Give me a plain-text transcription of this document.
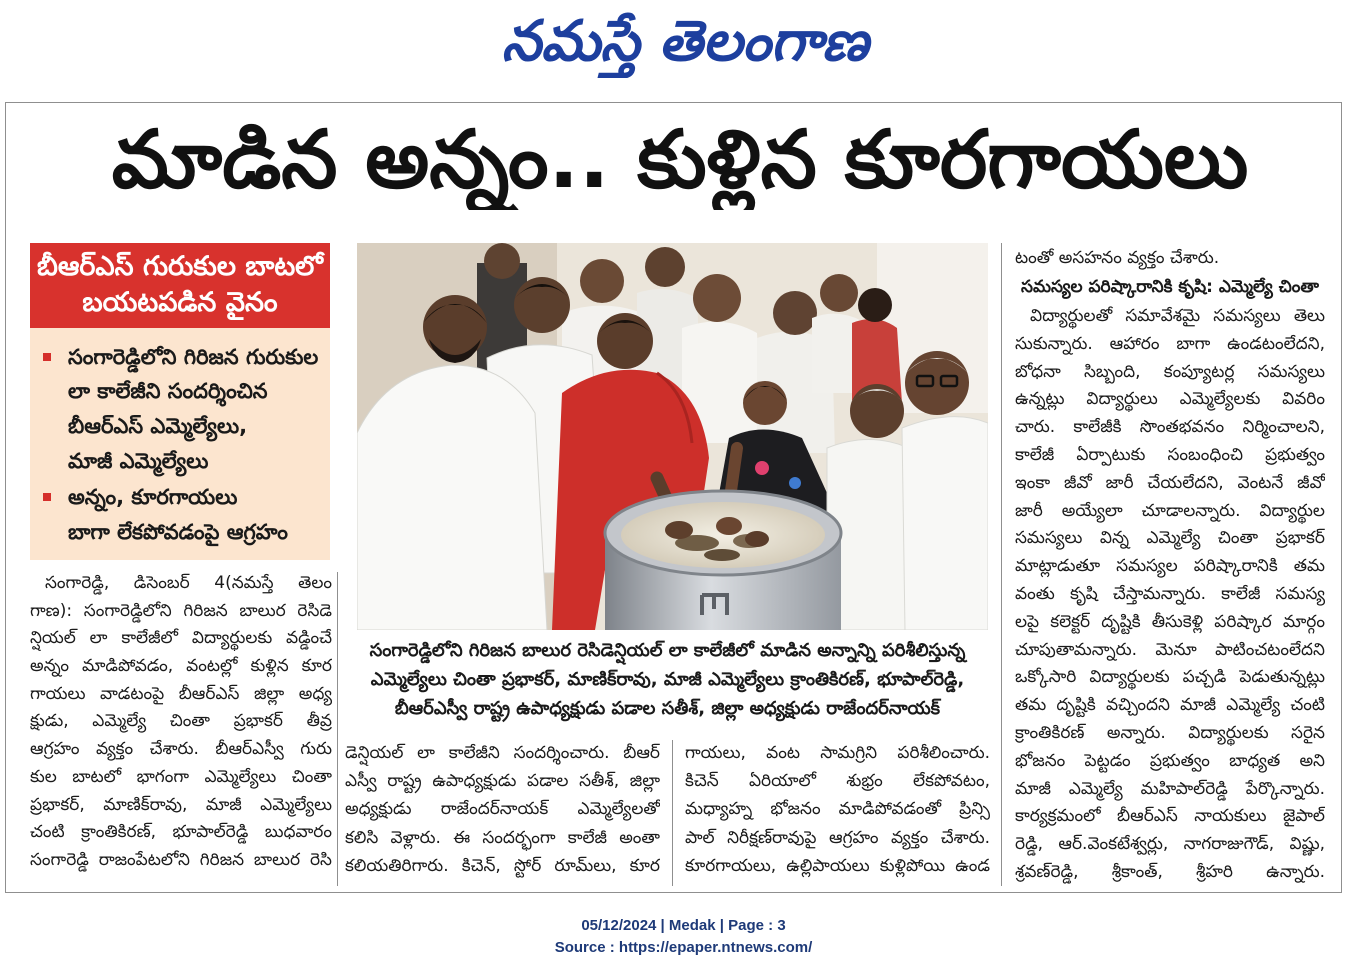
నమస్తే తెలంగాణ
మాడిన అన్నం.. కుళ్లిన కూరగాయలు
బీఆర్ఎస్ గురుకుల బాటలో
బయటపడిన వైనం
సంగారెడ్డిలోని గిరిజన గురుకుల
లా కాలేజీని సందర్శించిన
బీఆర్ఎస్ ఎమ్మెల్యేలు,
మాజీ ఎమ్మెల్యేలు
అన్నం, కూరగాయలు
బాగా లేకపోవడంపై ఆగ్రహం
సంగారెడ్డిలోని గిరిజన బాలుర రెసిడెన్షియల్ లా కాలేజీలో మాడిన అన్నాన్ని పరిశీలిస్తున్న
ఎమ్మెల్యేలు చింతా ప్రభాకర్, మాణిక్‌రావు, మాజీ ఎమ్మెల్యేలు క్రాంతికిరణ్, భూపాల్‌రెడ్డి,
బీఆర్ఎస్వీ రాష్ట్ర ఉపాధ్యక్షుడు పడాల సతీశ్, జిల్లా అధ్యక్షుడు రాజేందర్‌నాయక్
సంగారెడ్డి, డిసెంబర్ 4(నమస్తే తెలం
గాణ): సంగారెడ్డిలోని గిరిజన బాలుర రెసిడె
న్షియల్ లా కాలేజీలో విద్యార్థులకు వడ్డించే
అన్నం మాడిపోవడం, వంటల్లో కుళ్లిన కూర
గాయలు వాడటంపై బీఆర్ఎస్ జిల్లా అధ్య
క్షుడు, ఎమ్మెల్యే చింతా ప్రభాకర్ తీవ్ర
ఆగ్రహం వ్యక్తం చేశారు. బీఆర్ఎస్వీ గురు
కుల బాటలో భాగంగా ఎమ్మెల్యేలు చింతా
ప్రభాకర్, మాణిక్‌రావు, మాజీ ఎమ్మెల్యేలు
చంటి క్రాంతికిరణ్, భూపాల్‌రెడ్డి బుధవారం
సంగారెడ్డి రాజంపేటలోని గిరిజన బాలుర రెసి
డెన్షియల్ లా కాలేజీని సందర్శించారు. బీఆర్
ఎస్వీ రాష్ట్ర ఉపాధ్యక్షుడు పడాల సతీశ్, జిల్లా
అధ్యక్షుడు రాజేందర్‌నాయక్ ఎమ్మెల్యేలతో
కలిసి వెళ్లారు. ఈ సందర్భంగా కాలేజీ అంతా
కలియతిరిగారు. కిచెన్, స్టోర్ రూమ్‌లు, కూర
గాయలు, వంట సామగ్రిని పరిశీలించారు.
కిచెన్ ఏరియాలో శుభ్రం లేకపోవటం,
మధ్యాహ్న భోజనం మాడిపోవడంతో ప్రిన్సి
పాల్ నిరీక్షణ్‌రావుపై ఆగ్రహం వ్యక్తం చేశారు.
కూరగాయలు, ఉల్లిపాయలు కుళ్లిపోయి ఉండ
టంతో అసహనం వ్యక్తం చేశారు.
సమస్యల పరిష్కారానికి కృషి: ఎమ్మెల్యే చింతా
విద్యార్థులతో సమావేశమై సమస్యలు తెలు
సుకున్నారు. ఆహారం బాగా ఉండటంలేదని,
బోధనా సిబ్బంది, కంప్యూటర్ల సమస్యలు
ఉన్నట్లు విద్యార్థులు ఎమ్మెల్యేలకు వివరిం
చారు. కాలేజీకి సొంతభవనం నిర్మించాలని,
కాలేజీ ఏర్పాటుకు సంబంధించి ప్రభుత్వం
ఇంకా జీవో జారీ చేయలేదని, వెంటనే జీవో
జారీ అయ్యేలా చూడాలన్నారు. విద్యార్థుల
సమస్యలు విన్న ఎమ్మెల్యే చింతా ప్రభాకర్
మాట్లాడుతూ సమస్యల పరిష్కారానికి తమ
వంతు కృషి చేస్తామన్నారు. కాలేజీ సమస్య
లపై కలెక్టర్ దృష్టికి తీసుకెళ్లి పరిష్కార మార్గం
చూపుతామన్నారు. మెనూ పాటించటంలేదని
ఒక్కోసారి విద్యార్థులకు పచ్చడి పెడుతున్నట్లు
తమ దృష్టికి వచ్చిందని మాజీ ఎమ్మెల్యే చంటి
క్రాంతికిరణ్ అన్నారు. విద్యార్థులకు సరైన
భోజనం పెట్టడం ప్రభుత్వం బాధ్యత అని
మాజీ ఎమ్మెల్యే మహిపాల్‌రెడ్డి పేర్కొన్నారు.
కార్యక్రమంలో బీఆర్ఎస్ నాయకులు జైపాల్
రెడ్డి, ఆర్.వెంకటేశ్వర్లు, నాగరాజుగౌడ్, విష్ణు,
శ్రవణ్‌రెడ్డి, శ్రీకాంత్, శ్రీహరి ఉన్నారు.
05/12/2024 | Medak | Page : 3
Source : https://epaper.ntnews.com/
